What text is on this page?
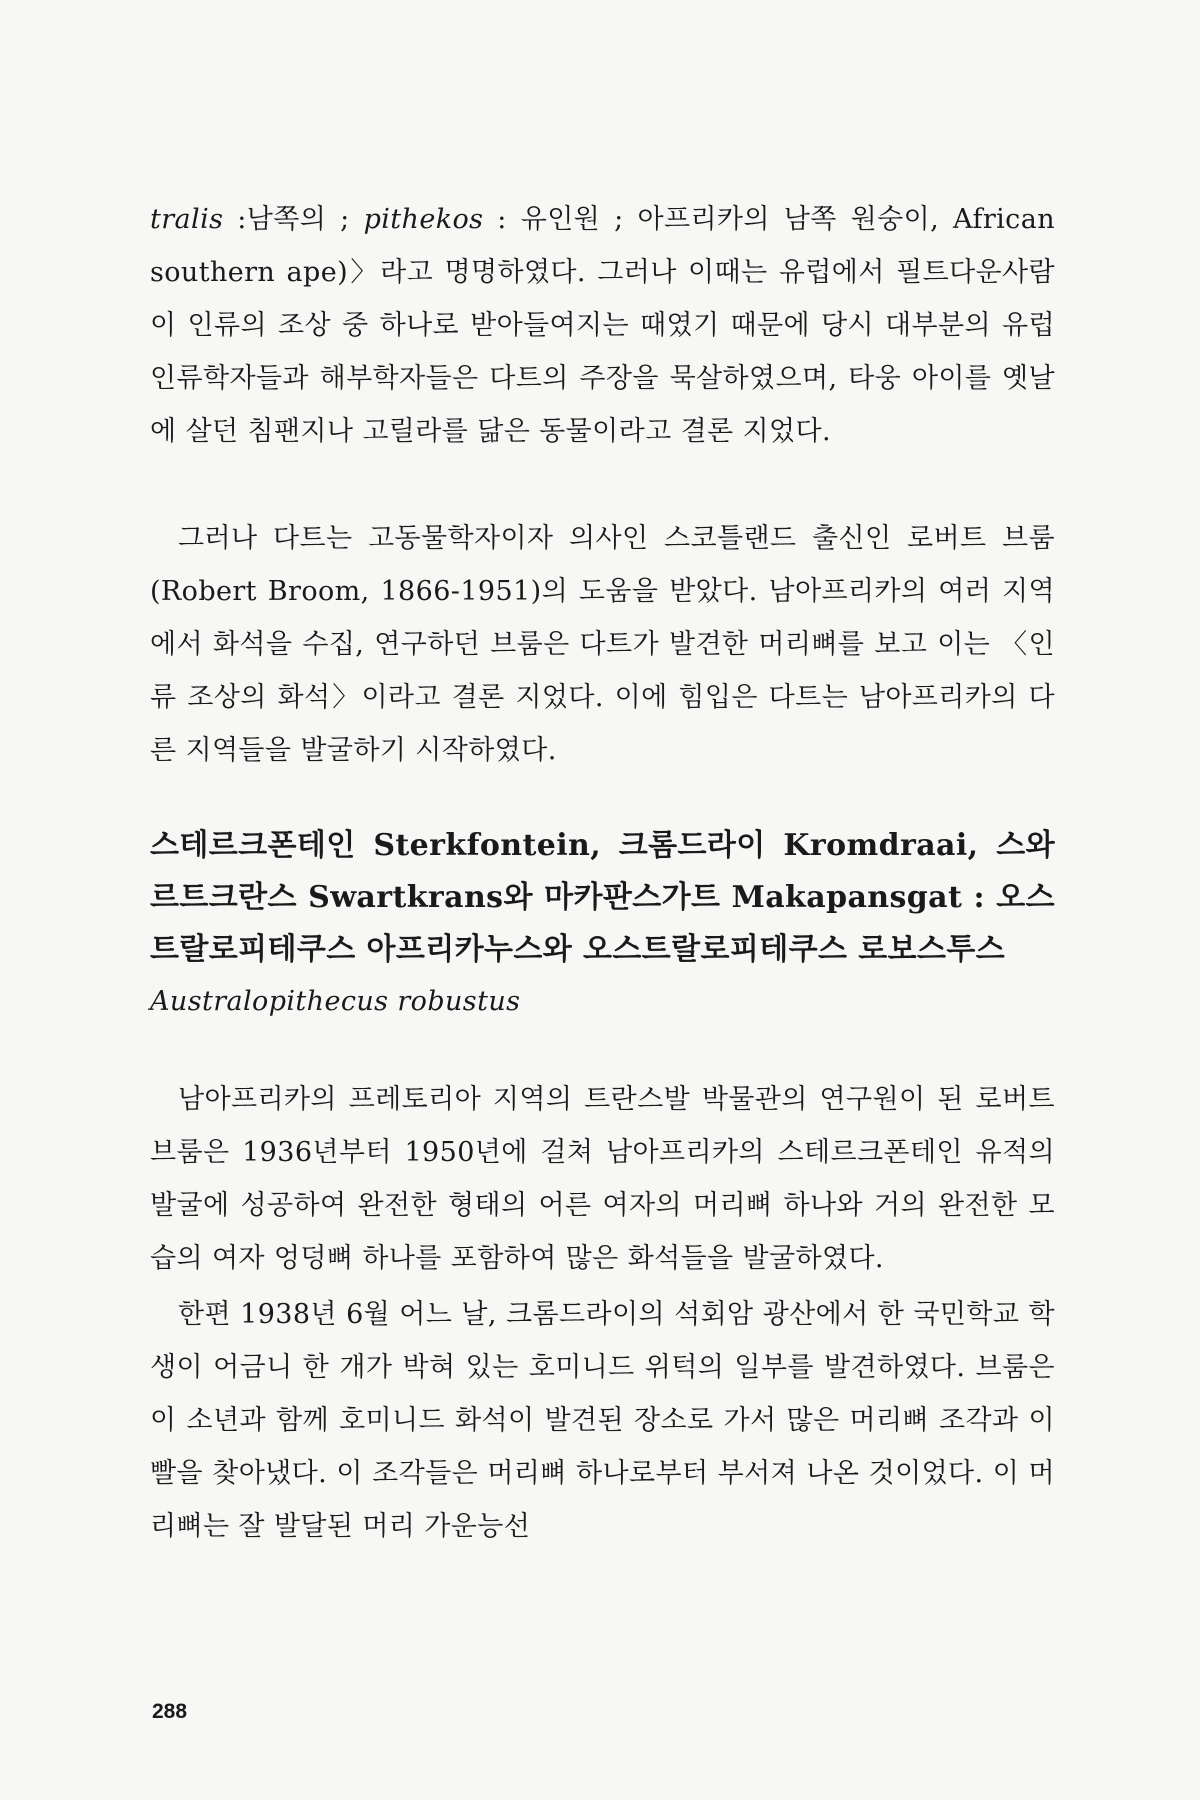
tralis :남쪽의 ; pithekos : 유인원 ; 아프리카의 남쪽 원숭이, African southern ape)〉라고 명명하였다. 그러나 이때는 유럽에서 필트다운사람이 인류의 조상 중 하나로 받아들여지는 때였기 때문에 당시 대부분의 유럽 인류학자들과 해부학자들은 다트의 주장을 묵살하였으며, 타웅 아이를 옛날에 살던 침팬지나 고릴라를 닮은 동물이라고 결론 지었다.

그러나 다트는 고동물학자이자 의사인 스코틀랜드 출신인 로버트 브룸(Robert Broom, 1866-1951)의 도움을 받았다. 남아프리카의 여러 지역에서 화석을 수집, 연구하던 브룸은 다트가 발견한 머리뼈를 보고 이는 〈인류 조상의 화석〉이라고 결론 지었다. 이에 힘입은 다트는 남아프리카의 다른 지역들을 발굴하기 시작하였다.

스테르크폰테인 Sterkfontein, 크롬드라이 Kromdraai, 스와르트크란스 Swartkrans와 마카판스가트 Makapansgat : 오스트랄로피테쿠스 아프리카누스와 오스트랄로피테쿠스 로보스투스

Australopithecus robustus

남아프리카의 프레토리아 지역의 트란스발 박물관의 연구원이 된 로버트 브룸은 1936년부터 1950년에 걸쳐 남아프리카의 스테르크폰테인 유적의 발굴에 성공하여 완전한 형태의 어른 여자의 머리뼈 하나와 거의 완전한 모습의 여자 엉덩뼈 하나를 포함하여 많은 화석들을 발굴하였다.

한편 1938년 6월 어느 날, 크롬드라이의 석회암 광산에서 한 국민학교 학생이 어금니 한 개가 박혀 있는 호미니드 위턱의 일부를 발견하였다. 브룸은 이 소년과 함께 호미니드 화석이 발견된 장소로 가서 많은 머리뼈 조각과 이빨을 찾아냈다. 이 조각들은 머리뼈 하나로부터 부서져 나온 것이었다. 이 머리뼈는 잘 발달된 머리 가운능선

288
